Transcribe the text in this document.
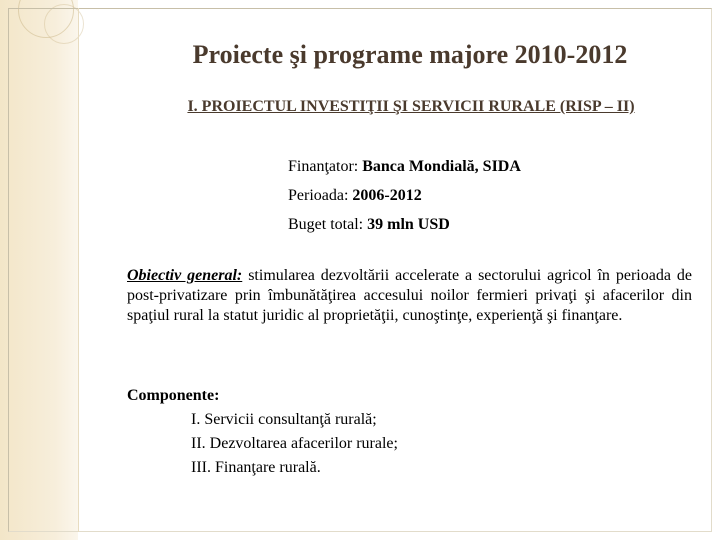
Proiecte şi programe majore 2010-2012

I. PROIECTUL INVESTIŢII ŞI SERVICII RURALE (RISP – II)

Finanţator: Banca Mondială, SIDA
Perioada: 2006-2012
Buget total: 39 mln USD

Obiectiv general: stimularea dezvoltării accelerate a sectorului agricol în perioada de post-privatizare prin îmbunătăţirea accesului noilor fermieri privaţi şi afacerilor din spaţiul rural la statut juridic al proprietăţii, cunoştinţe, experienţă şi finanţare.

Componente:
I. Servicii consultanţă rurală;
II. Dezvoltarea afacerilor rurale;
III. Finanţare rurală.
